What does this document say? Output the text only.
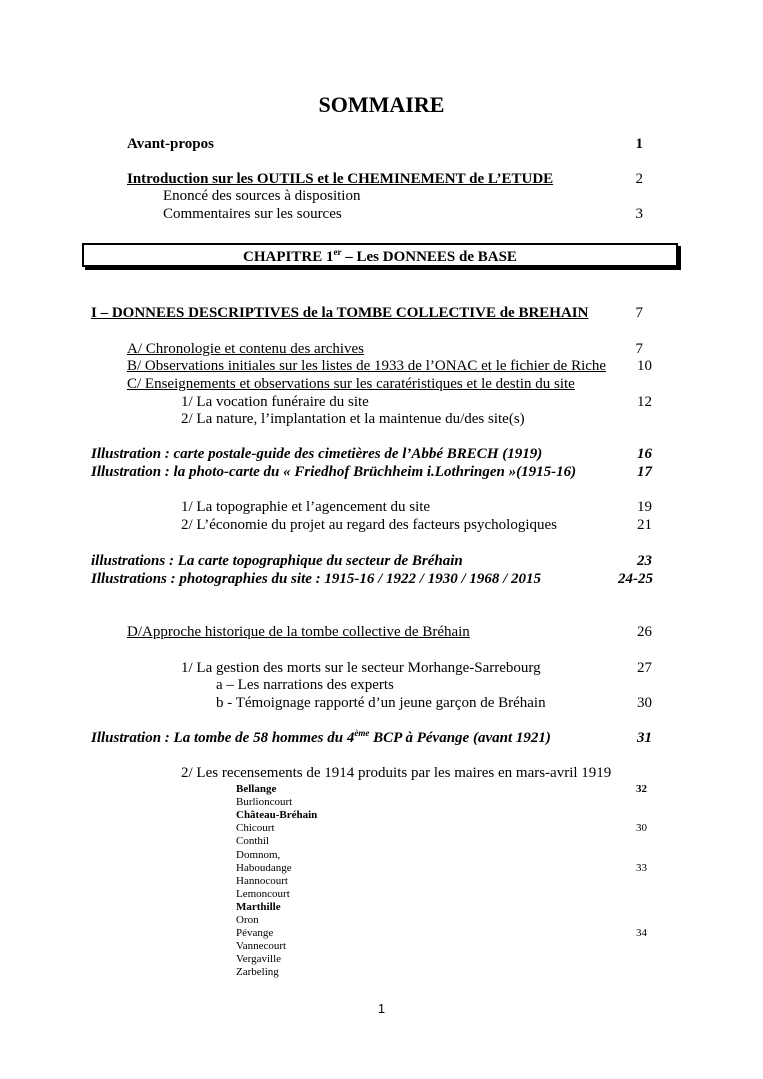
SOMMAIRE
Avant-propos	1
Introduction sur les OUTILS et le CHEMINEMENT de L’ETUDE	2
Enoncé des sources à disposition
Commentaires sur les sources	3
CHAPITRE 1er – Les DONNEES de BASE
I – DONNEES DESCRIPTIVES de la TOMBE COLLECTIVE de BREHAIN	7
A/ Chronologie et contenu des archives	7
B/ Observations initiales sur les listes de 1933 de l’ONAC et le fichier de Riche 10
C/ Enseignements et observations sur les caratéristiques et le destin du site
1/ La vocation funéraire du site	12
2/ La nature, l’implantation et la maintenue du/des site(s)
Illustration : carte postale-guide des cimetières de l’Abbé BRECH (1919)	16
Illustration : la photo-carte du « Friedhof Brüchheim i.Lothringen »(1915-16)	17
1/ La topographie et l’agencement du site	19
2/ L’économie du projet au regard des facteurs psychologiques	21
illustrations : La carte topographique du secteur de Bréhain	23
Illustrations : photographies du site : 1915-16 / 1922 / 1930 / 1968 / 2015	24-25
D/Approche historique de la tombe collective de Bréhain	26
1/ La gestion des morts sur le secteur Morhange-Sarrebourg	27
a – Les narrations des experts
b - Témoignage rapporté d’un jeune garçon de Bréhain	30
Illustration : La tombe de 58 hommes du 4ème BCP à Pévange (avant 1921)	31
2/ Les recensements de 1914 produits par les maires en mars-avril 1919
Bellange	32
Burlioncourt
Château-Bréhain
Chicourt	30
Conthil
Domnom,
Haboudange	33
Hannocourt
Lemoncourt
Marthille
Oron
Pévange	34
Vannecourt
Vergaville
Zarbeling
1
